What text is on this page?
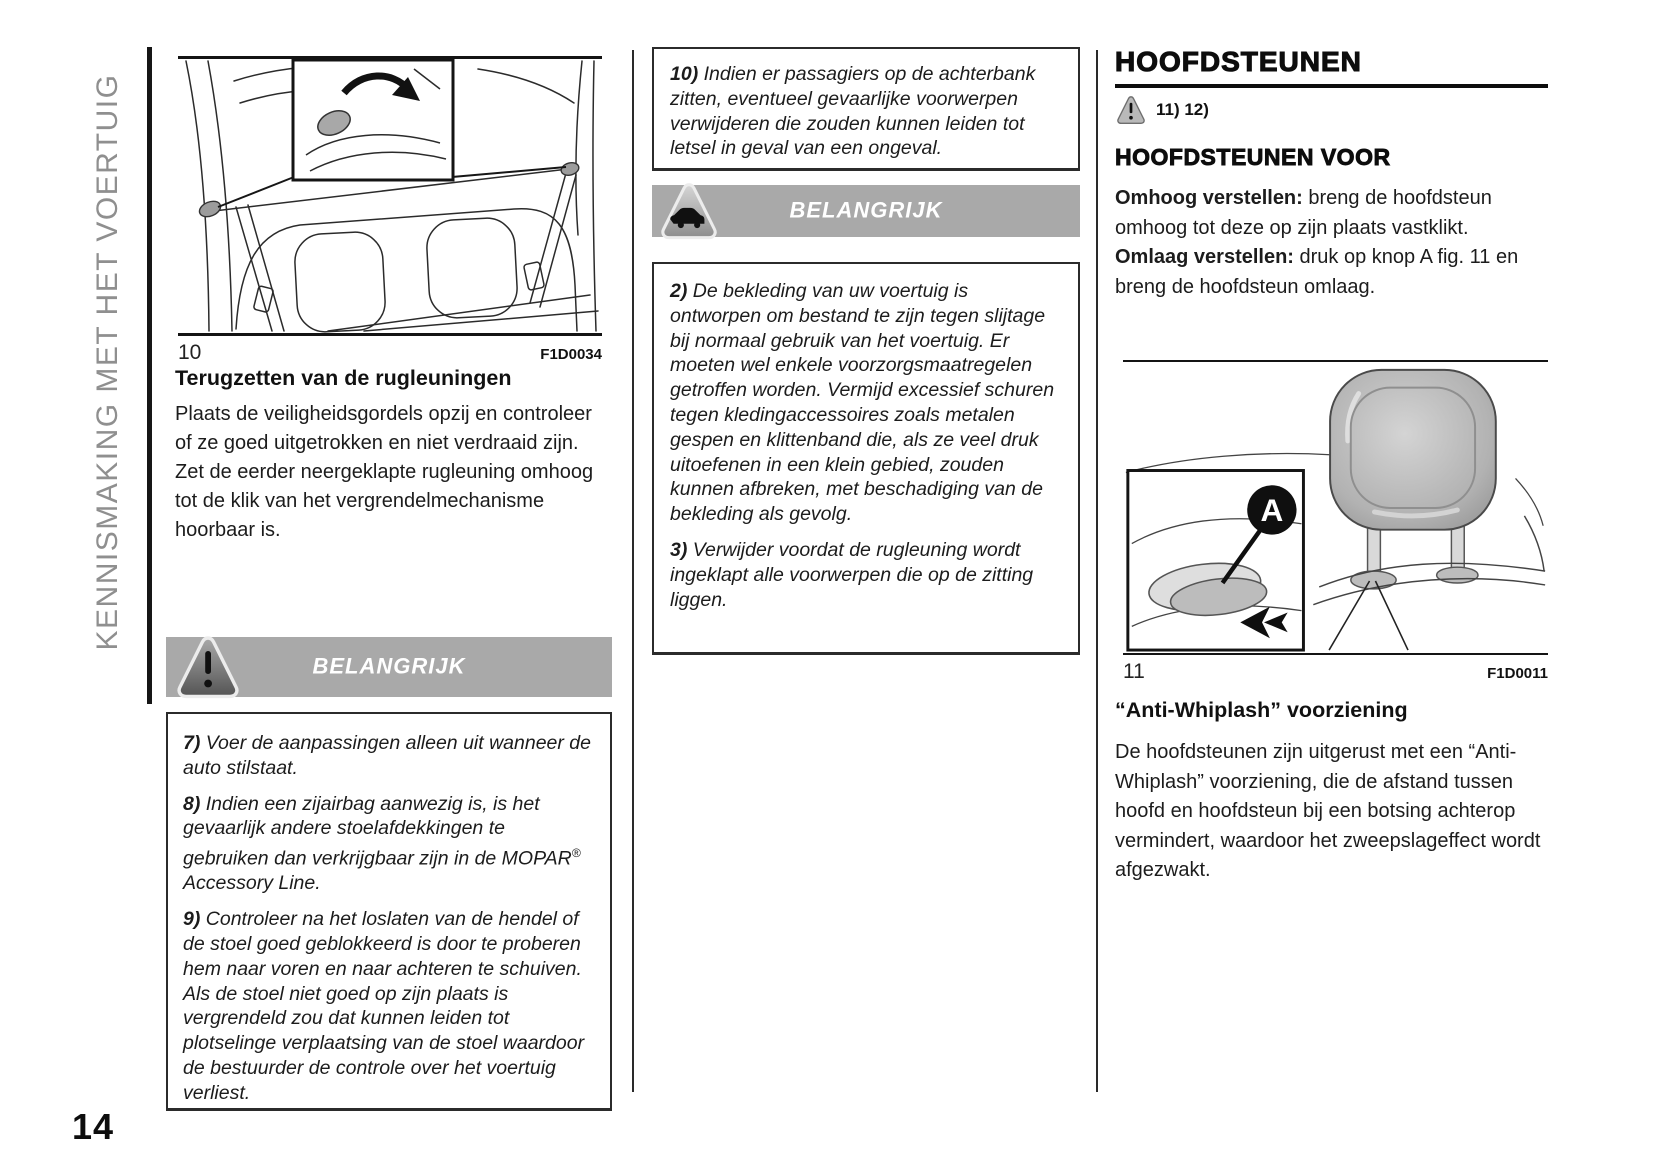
KENNISMAKING MET HET VOERTUIG	10	F1D0034
Terugzetten van de rugleuningen

Plaats de veiligheidsgordels opzij en controleer of ze goed uitgetrokken en niet verdraaid zijn. Zet de eerder neergeklapte rugleuning omhoog tot de klik van het vergrendelmechanisme hoorbaar is.

BELANGRIJK

7) Voer de aanpassingen alleen uit wanneer de auto stilstaat.

8) Indien een zijairbag aanwezig is, is het gevaarlijk andere stoelafdekkingen te gebruiken dan verkrijgbaar zijn in de MOPAR® Accessory Line.

9) Controleer na het loslaten van de hendel of de stoel goed geblokkeerd is door te proberen hem naar voren en naar achteren te schuiven. Als de stoel niet goed op zijn plaats is vergrendeld zou dat kunnen leiden tot plotselinge verplaatsing van de stoel waardoor de bestuurder de controle over het voertuig verliest.

10) Indien er passagiers op de achterbank zitten, eventueel gevaarlijke voorwerpen verwijderen die zouden kunnen leiden tot letsel in geval van een ongeval.

BELANGRIJK

2) De bekleding van uw voertuig is ontworpen om bestand te zijn tegen slijtage bij normaal gebruik van het voertuig. Er moeten wel enkele voorzorgsmaatregelen getroffen worden. Vermijd excessief schuren tegen kledingaccessoires zoals metalen gespen en klittenband die, als ze veel druk uitoefenen in een klein gebied, zouden kunnen afbreken, met beschadiging van de bekleding als gevolg.

3) Verwijder voordat de rugleuning wordt ingeklapt alle voorwerpen die op de zitting liggen.

HOOFDSTEUNEN
11) 12)
HOOFDSTEUNEN VOOR

Omhoog verstellen: breng de hoofdsteun omhoog tot deze op zijn plaats vastklikt.

Omlaag verstellen: druk op knop A fig. 11 en breng de hoofdsteun omlaag.

A
11	F1D0011
“Anti-Whiplash” voorziening

De hoofdsteunen zijn uitgerust met een “Anti-Whiplash” voorziening, die de afstand tussen hoofd en hoofdsteun bij een botsing achterop vermindert, waardoor het zweepslageffect wordt afgezwakt.

14
